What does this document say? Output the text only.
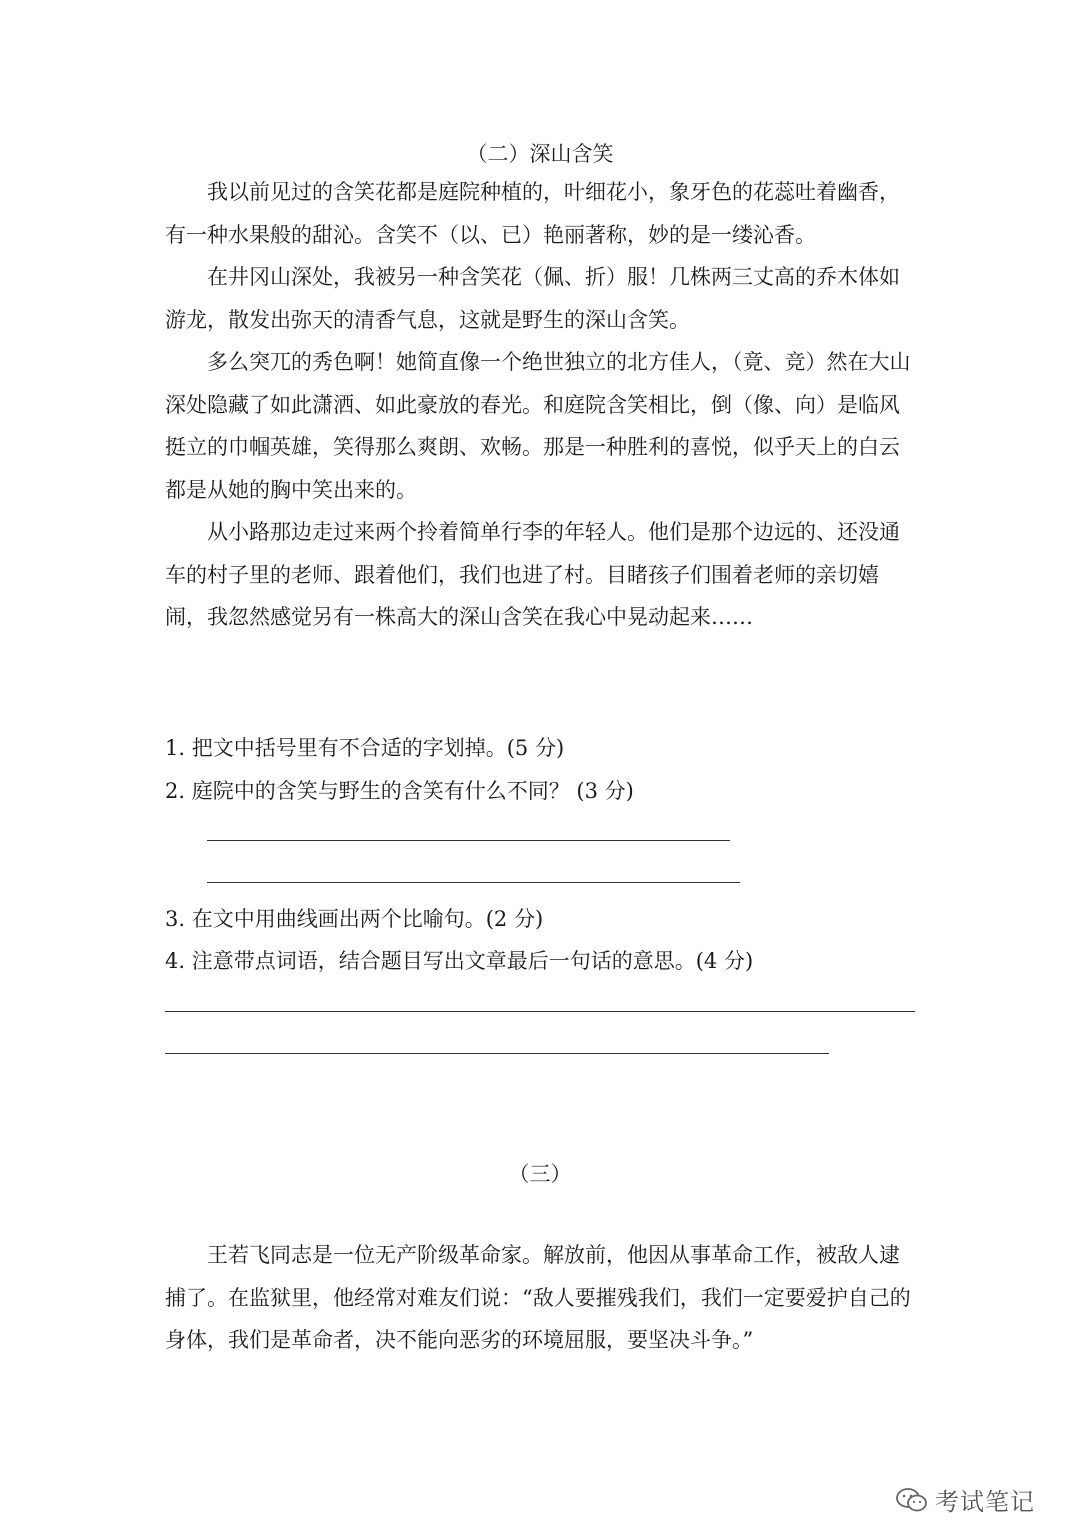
（二）深山含笑

我以前见过的含笑花都是庭院种植的，叶细花小，象牙色的花蕊吐着幽香，有一种水果般的甜沁。含笑不（以、已）艳丽著称，妙的是一缕沁香。

在井冈山深处，我被另一种含笑花（佩、折）服！几株两三丈高的乔木体如游龙，散发出弥天的清香气息，这就是野生的深山含笑。

多么突兀的秀色啊！她简直像一个绝世独立的北方佳人，（竟、竞）然在大山深处隐藏了如此潇洒、如此豪放的春光。和庭院含笑相比，倒（像、向）是临风挺立的巾帼英雄，笑得那么爽朗、欢畅。那是一种胜利的喜悦，似乎天上的白云都是从她的胸中笑出来的。

从小路那边走过来两个拎着简单行李的年轻人。他们是那个边远的、还没通车的村子里的老师、跟着他们，我们也进了村。目睹孩子们围着老师的亲切嬉闹，我忽然感觉另有一株高大的深山含笑在我心中晃动起来……

1. 把文中括号里有不合适的字划掉。(5 分)
2. 庭院中的含笑与野生的含笑有什么不同？ (3 分)
3. 在文中用曲线画出两个比喻句。(2 分)
4. 注意带点词语，结合题目写出文章最后一句话的意思。(4 分)
（三）

王若飞同志是一位无产阶级革命家。解放前，他因从事革命工作，被敌人逮捕了。在监狱里，他经常对难友们说：“敌人要摧残我们，我们一定要爱护自己的身体，我们是革命者，决不能向恶劣的环境屈服，要坚决斗争。”

考试笔记
